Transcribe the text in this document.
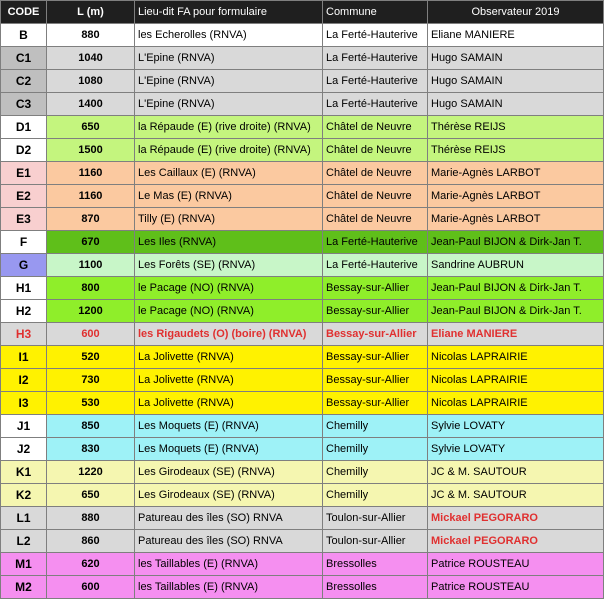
CODE	L (m)	Lieu-dit FA pour formulaire	Commune	Observateur 2019
B	880	les Echerolles (RNVA)	La Ferté-Hauterive	Eliane MANIERE
C1	1040	L'Epine (RNVA)	La Ferté-Hauterive	Hugo SAMAIN
C2	1080	L'Epine (RNVA)	La Ferté-Hauterive	Hugo SAMAIN
C3	1400	L'Epine (RNVA)	La Ferté-Hauterive	Hugo SAMAIN
D1	650	la Répaude (E) (rive droite) (RNVA)	Châtel de Neuvre	Thérèse REIJS
D2	1500	la Répaude (E) (rive droite) (RNVA)	Châtel de Neuvre	Thérèse REIJS
E1	1160	Les Caillaux (E) (RNVA)	Châtel de Neuvre	Marie-Agnès LARBOT
E2	1160	Le Mas (E) (RNVA)	Châtel de Neuvre	Marie-Agnès LARBOT
E3	870	Tilly (E) (RNVA)	Châtel de Neuvre	Marie-Agnès LARBOT
F	670	Les Iles (RNVA)	La Ferté-Hauterive	Jean-Paul BIJON & Dirk-Jan T.
G	1100	Les Forêts (SE) (RNVA)	La Ferté-Hauterive	Sandrine AUBRUN
H1	800	le Pacage (NO) (RNVA)	Bessay-sur-Allier	Jean-Paul BIJON & Dirk-Jan T.
H2	1200	le Pacage (NO) (RNVA)	Bessay-sur-Allier	Jean-Paul BIJON & Dirk-Jan T.
H3	600	les Rigaudets (O) (boire) (RNVA)	Bessay-sur-Allier	Eliane MANIERE
I1	520	La Jolivette (RNVA)	Bessay-sur-Allier	Nicolas LAPRAIRIE
I2	730	La Jolivette (RNVA)	Bessay-sur-Allier	Nicolas LAPRAIRIE
I3	530	La Jolivette (RNVA)	Bessay-sur-Allier	Nicolas LAPRAIRIE
J1	850	Les Moquets (E) (RNVA)	Chemilly	Sylvie LOVATY
J2	830	Les Moquets (E) (RNVA)	Chemilly	Sylvie LOVATY
K1	1220	Les Girodeaux (SE) (RNVA)	Chemilly	JC & M. SAUTOUR
K2	650	Les Girodeaux (SE) (RNVA)	Chemilly	JC & M. SAUTOUR
L1	880	Patureau des îles (SO) RNVA	Toulon-sur-Allier	Mickael PEGORARO
L2	860	Patureau des îles (SO) RNVA	Toulon-sur-Allier	Mickael PEGORARO
M1	620	les Taillables (E) (RNVA)	Bressolles	Patrice ROUSTEAU
M2	600	les Taillables (E) (RNVA)	Bressolles	Patrice ROUSTEAU
